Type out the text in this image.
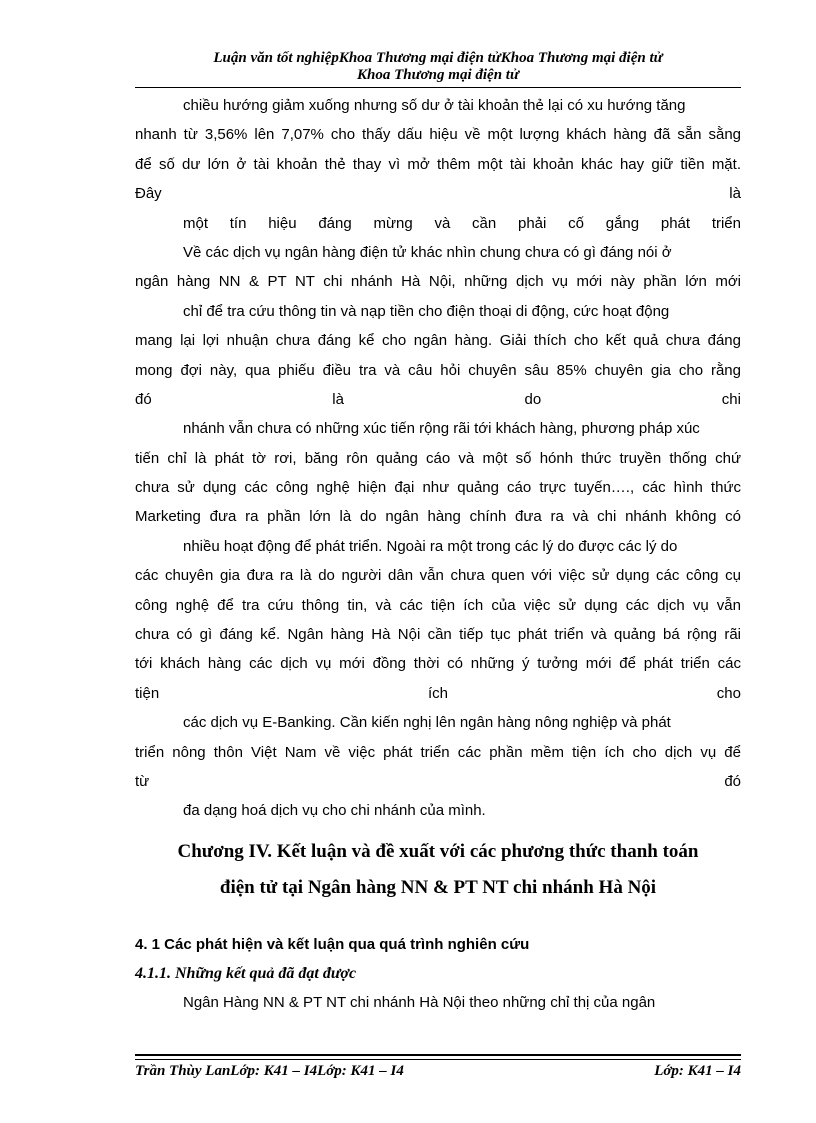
Luận văn tốt nghiệpKhoa Thương mại điện tửKhoa Thương mại điện tử
Khoa Thương mại điện tử
chiều hướng giảm xuống nhưng số dư ở tài khoản thẻ lại có xu hướng tăng
nhanh từ 3,56% lên 7,07% cho thấy dấu hiệu về một lượng khách hàng đã sẵn sằng
để số dư lớn ở tài khoản thẻ thay vì mở thêm một tài khoản khác hay giữ tiền mặt.
Đây là
một tín hiệu đáng mừng và cần phải cố gắng phát triển
Về các dịch vụ ngân hàng điện tử khác nhìn chung chưa có gì đáng nói ở
ngân hàng NN & PT NT chi nhánh Hà Nội, những dịch vụ mới này phần lớn mới
chỉ để tra cứu thông tin và nạp tiền cho điện thoại di động, cức hoạt động
mang lại lợi nhuận chưa đáng kể cho ngân hàng. Giải thích cho kết quả chưa đáng
mong đợi này, qua phiếu điều tra và câu hỏi chuyên sâu 85% chuyên gia cho rằng
đó là do chi
nhánh vẫn chưa có những xúc tiến rộng rãi tới khách hàng, phương pháp xúc
tiến chỉ là phát tờ rơi, băng rôn quảng cáo và một số hónh thức truyền thống chứ
chưa sử dụng các công nghệ hiện đại như quảng cáo trực tuyến…., các hình thức
Marketing đưa ra phần lớn là do ngân hàng chính đưa ra và chi nhánh không có
nhiều hoạt động để phát triển. Ngoài ra một trong các lý do được các lý do
các chuyên gia đưa ra là do người dân vẫn chưa quen với việc sử dụng các công cụ
công nghệ để tra cứu thông tin, và các tiện ích của việc sử dụng các dịch vụ vẫn
chưa có gì đáng kể. Ngân hàng Hà Nội cần tiếp tục phát triển và quảng bá rộng rãi
tới khách hàng các dịch vụ mới đồng thời có những ý tưởng mới để phát triển các
tiện ích cho
các dịch vụ E-Banking. Cần kiến nghị lên ngân hàng nông nghiệp và phát
triển nông thôn Việt Nam về việc phát triển các phần mềm tiện ích cho dịch vụ để
từ đó
đa dạng hoá dịch vụ cho chi nhánh của mình.
Chương IV. Kết luận và đề xuất với các phương thức thanh toán
điện tử tại Ngân hàng NN & PT NT chi nhánh Hà Nội
4. 1 Các phát hiện và kết luận qua quá trình nghiên cứu
4.1.1. Những kết quả đã đạt được
Ngân Hàng NN & PT NT chi nhánh Hà Nội theo những chỉ thị của ngân
Trần Thùy LanLớp: K41 – I4Lớp: K41 – I4	Lớp: K41 – I4
